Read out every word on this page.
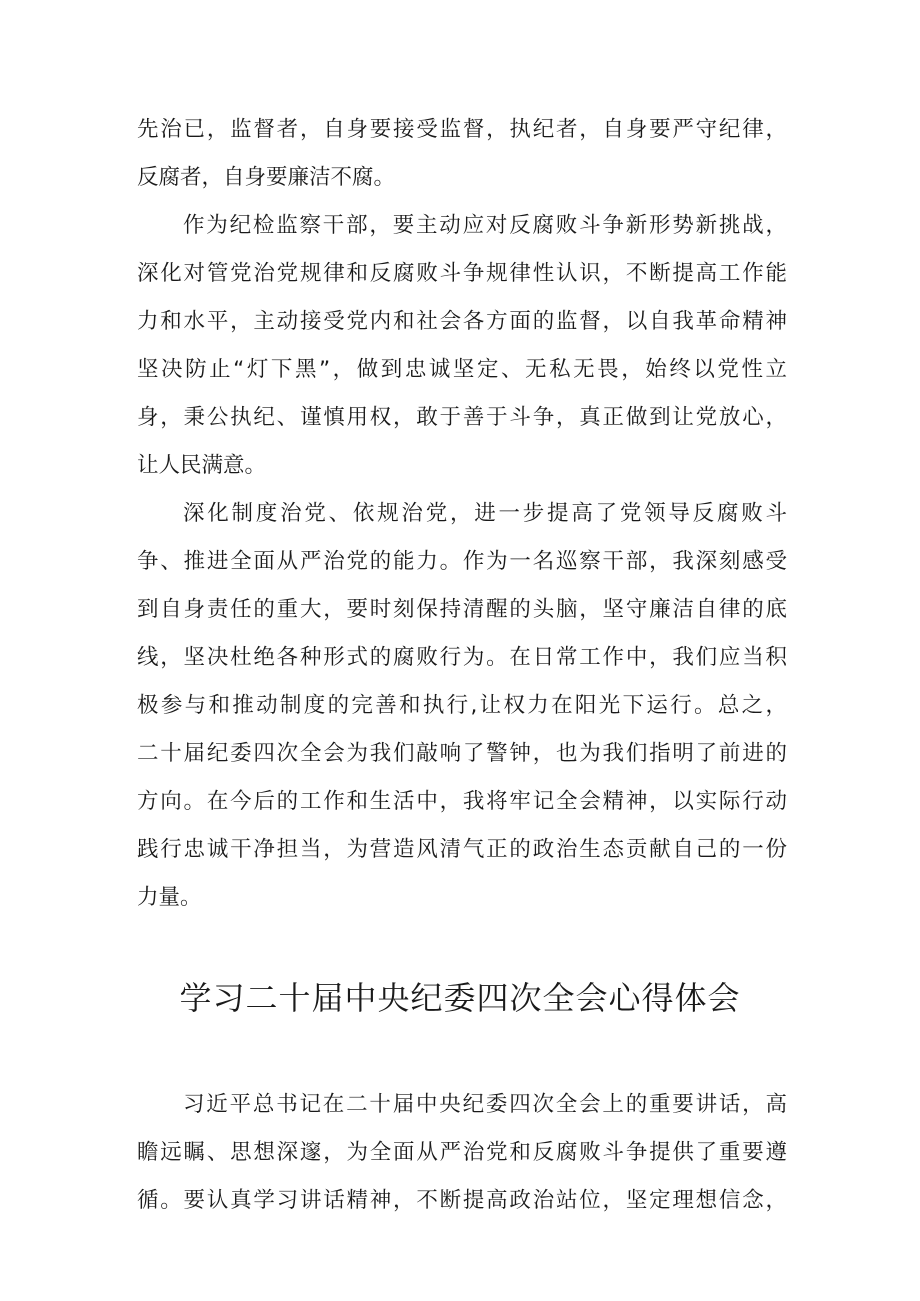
先治已，监督者，自身要接受监督，执纪者，自身要严守纪律，
反腐者，自身要廉洁不腐。
作为纪检监察干部，要主动应对反腐败斗争新形势新挑战，
深化对管党治党规律和反腐败斗争规律性认识，不断提高工作能
力和水平，主动接受党内和社会各方面的监督，以自我革命精神
坚决防止“灯下黑”，做到忠诚坚定、无私无畏，始终以党性立
身，秉公执纪、谨慎用权，敢于善于斗争，真正做到让党放心，
让人民满意。
深化制度治党、依规治党，进一步提高了党领导反腐败斗
争、推进全面从严治党的能力。作为一名巡察干部，我深刻感受
到自身责任的重大，要时刻保持清醒的头脑，坚守廉洁自律的底
线，坚决杜绝各种形式的腐败行为。在日常工作中，我们应当积
极参与和推动制度的完善和执行,让权力在阳光下运行。总之，
二十届纪委四次全会为我们敲响了警钟，也为我们指明了前进的
方向。在今后的工作和生活中，我将牢记全会精神，以实际行动
践行忠诚干净担当，为营造风清气正的政治生态贡献自己的一份
力量。
学习二十届中央纪委四次全会心得体会
习近平总书记在二十届中央纪委四次全会上的重要讲话，高
瞻远瞩、思想深邃，为全面从严治党和反腐败斗争提供了重要遵
循。要认真学习讲话精神，不断提高政治站位，坚定理想信念，
